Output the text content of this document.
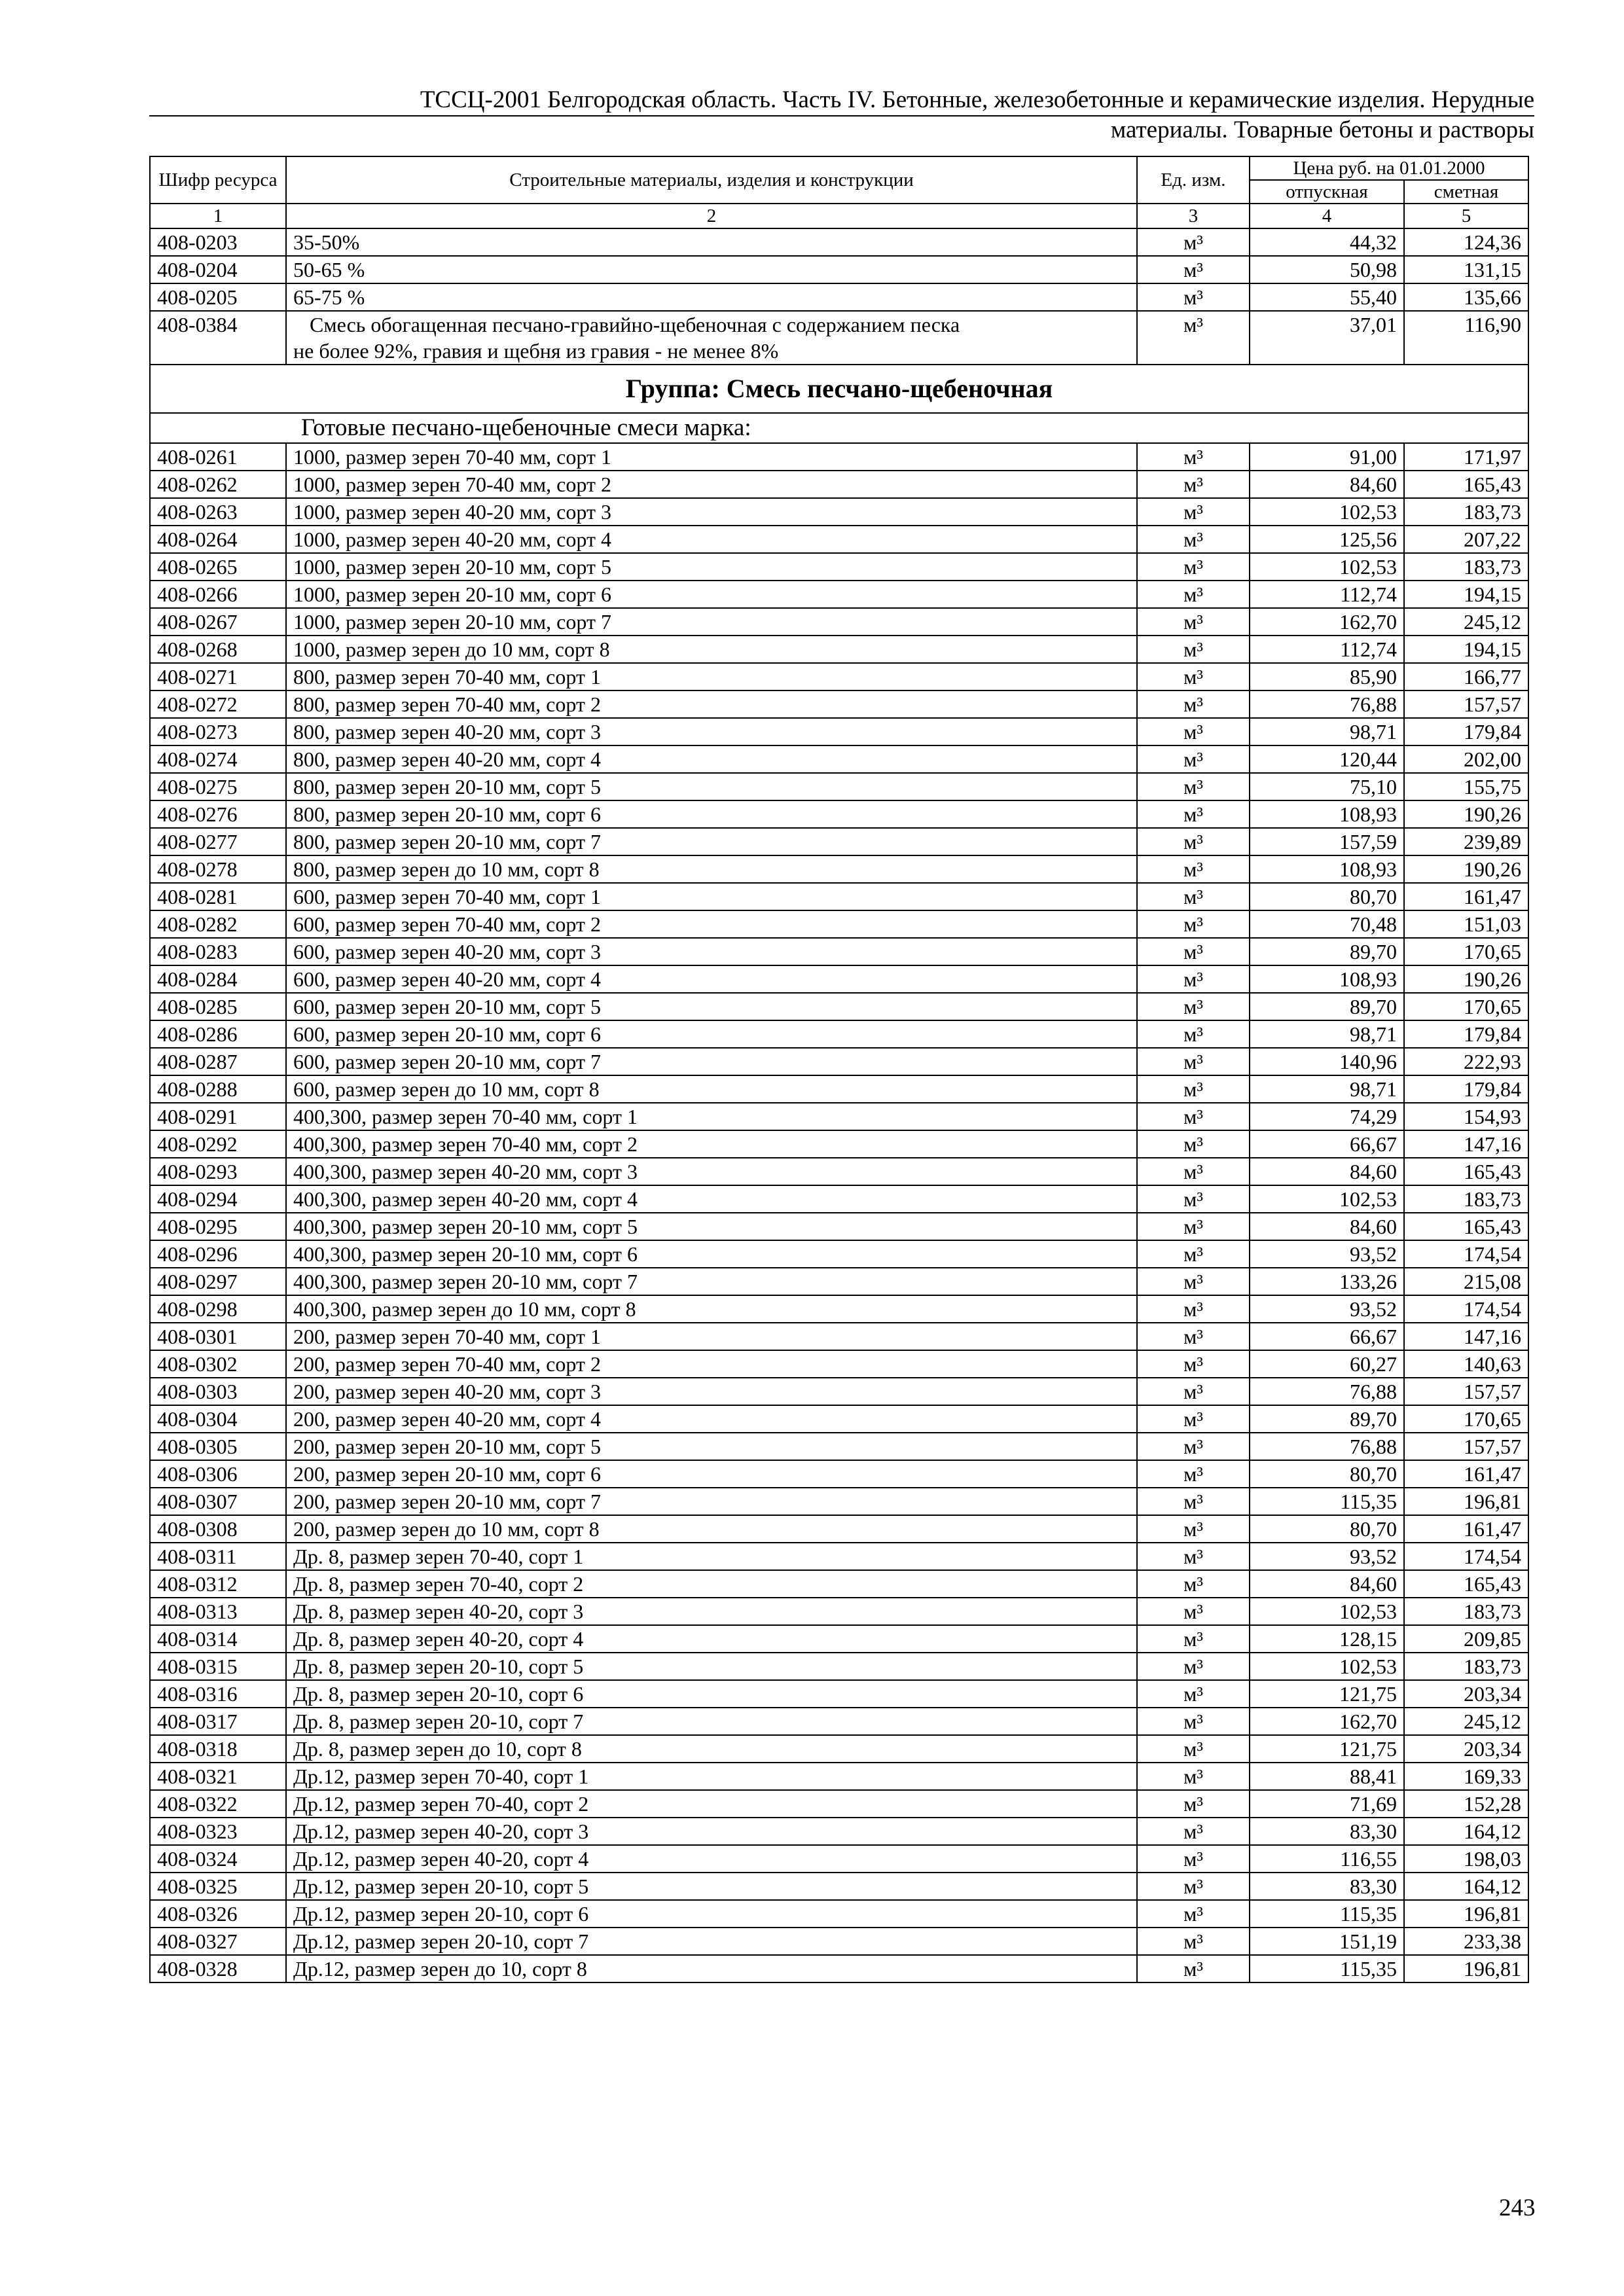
ТССЦ-2001 Белгородская область. Часть IV. Бетонные, железобетонные и керамические изделия. Нерудные
материалы. Товарные бетоны и растворы
Шифр ресурса	Строительные материалы, изделия и конструкции	Ед. изм.	Цена руб. на 01.01.2000	
			отпускная	сметная
1	2	3	4	5
408-0203	35-50%	м³	44,32	124,36
408-0204	50-65 %	м³	50,98	131,15
408-0205	65-75 %	м³	55,40	135,66
408-0384	Смесь обогащенная песчано-гравийно-щебеночная с содержанием песка
не более 92%, гравия и щебня из гравия - не менее 8%	м³	37,01	116,90
Группа: Смесь песчано-щебеночная				
Готовые песчано-щебеночные смеси марка:				
408-0261	1000, размер зерен 70-40 мм, сорт 1	м³	91,00	171,97
408-0262	1000, размер зерен 70-40 мм, сорт 2	м³	84,60	165,43
408-0263	1000, размер зерен 40-20 мм, сорт 3	м³	102,53	183,73
408-0264	1000, размер зерен 40-20 мм, сорт 4	м³	125,56	207,22
408-0265	1000, размер зерен 20-10 мм, сорт 5	м³	102,53	183,73
408-0266	1000, размер зерен 20-10 мм, сорт 6	м³	112,74	194,15
408-0267	1000, размер зерен 20-10 мм, сорт 7	м³	162,70	245,12
408-0268	1000, размер зерен до 10 мм, сорт 8	м³	112,74	194,15
408-0271	800, размер зерен 70-40 мм, сорт 1	м³	85,90	166,77
408-0272	800, размер зерен 70-40 мм, сорт 2	м³	76,88	157,57
408-0273	800, размер зерен 40-20 мм, сорт 3	м³	98,71	179,84
408-0274	800, размер зерен 40-20 мм, сорт 4	м³	120,44	202,00
408-0275	800, размер зерен 20-10 мм, сорт 5	м³	75,10	155,75
408-0276	800, размер зерен 20-10 мм, сорт 6	м³	108,93	190,26
408-0277	800, размер зерен 20-10 мм, сорт 7	м³	157,59	239,89
408-0278	800, размер зерен до 10 мм, сорт 8	м³	108,93	190,26
408-0281	600, размер зерен 70-40 мм, сорт 1	м³	80,70	161,47
408-0282	600, размер зерен 70-40 мм, сорт 2	м³	70,48	151,03
408-0283	600, размер зерен 40-20 мм, сорт 3	м³	89,70	170,65
408-0284	600, размер зерен 40-20 мм, сорт 4	м³	108,93	190,26
408-0285	600, размер зерен 20-10 мм, сорт 5	м³	89,70	170,65
408-0286	600, размер зерен 20-10 мм, сорт 6	м³	98,71	179,84
408-0287	600, размер зерен 20-10 мм, сорт 7	м³	140,96	222,93
408-0288	600, размер зерен до 10 мм, сорт 8	м³	98,71	179,84
408-0291	400,300, размер зерен 70-40 мм, сорт 1	м³	74,29	154,93
408-0292	400,300, размер зерен 70-40 мм, сорт 2	м³	66,67	147,16
408-0293	400,300, размер зерен 40-20 мм, сорт 3	м³	84,60	165,43
408-0294	400,300, размер зерен 40-20 мм, сорт 4	м³	102,53	183,73
408-0295	400,300, размер зерен 20-10 мм, сорт 5	м³	84,60	165,43
408-0296	400,300, размер зерен 20-10 мм, сорт 6	м³	93,52	174,54
408-0297	400,300, размер зерен 20-10 мм, сорт 7	м³	133,26	215,08
408-0298	400,300, размер зерен до 10 мм, сорт 8	м³	93,52	174,54
408-0301	200, размер зерен 70-40 мм, сорт 1	м³	66,67	147,16
408-0302	200, размер зерен 70-40 мм, сорт 2	м³	60,27	140,63
408-0303	200, размер зерен 40-20 мм, сорт 3	м³	76,88	157,57
408-0304	200, размер зерен 40-20 мм, сорт 4	м³	89,70	170,65
408-0305	200, размер зерен 20-10 мм, сорт 5	м³	76,88	157,57
408-0306	200, размер зерен 20-10 мм, сорт 6	м³	80,70	161,47
408-0307	200, размер зерен 20-10 мм, сорт 7	м³	115,35	196,81
408-0308	200, размер зерен до 10 мм, сорт 8	м³	80,70	161,47
408-0311	Др. 8, размер зерен 70-40, сорт 1	м³	93,52	174,54
408-0312	Др. 8, размер зерен 70-40, сорт 2	м³	84,60	165,43
408-0313	Др. 8, размер зерен 40-20, сорт 3	м³	102,53	183,73
408-0314	Др. 8, размер зерен 40-20, сорт 4	м³	128,15	209,85
408-0315	Др. 8, размер зерен 20-10, сорт 5	м³	102,53	183,73
408-0316	Др. 8, размер зерен 20-10, сорт 6	м³	121,75	203,34
408-0317	Др. 8, размер зерен 20-10, сорт 7	м³	162,70	245,12
408-0318	Др. 8, размер зерен до 10, сорт 8	м³	121,75	203,34
408-0321	Др.12, размер зерен 70-40, сорт 1	м³	88,41	169,33
408-0322	Др.12, размер зерен 70-40, сорт 2	м³	71,69	152,28
408-0323	Др.12, размер зерен 40-20, сорт 3	м³	83,30	164,12
408-0324	Др.12, размер зерен 40-20, сорт 4	м³	116,55	198,03
408-0325	Др.12, размер зерен 20-10, сорт 5	м³	83,30	164,12
408-0326	Др.12, размер зерен 20-10, сорт 6	м³	115,35	196,81
408-0327	Др.12, размер зерен 20-10, сорт 7	м³	151,19	233,38
408-0328	Др.12, размер зерен до 10, сорт 8	м³	115,35	196,81
243
